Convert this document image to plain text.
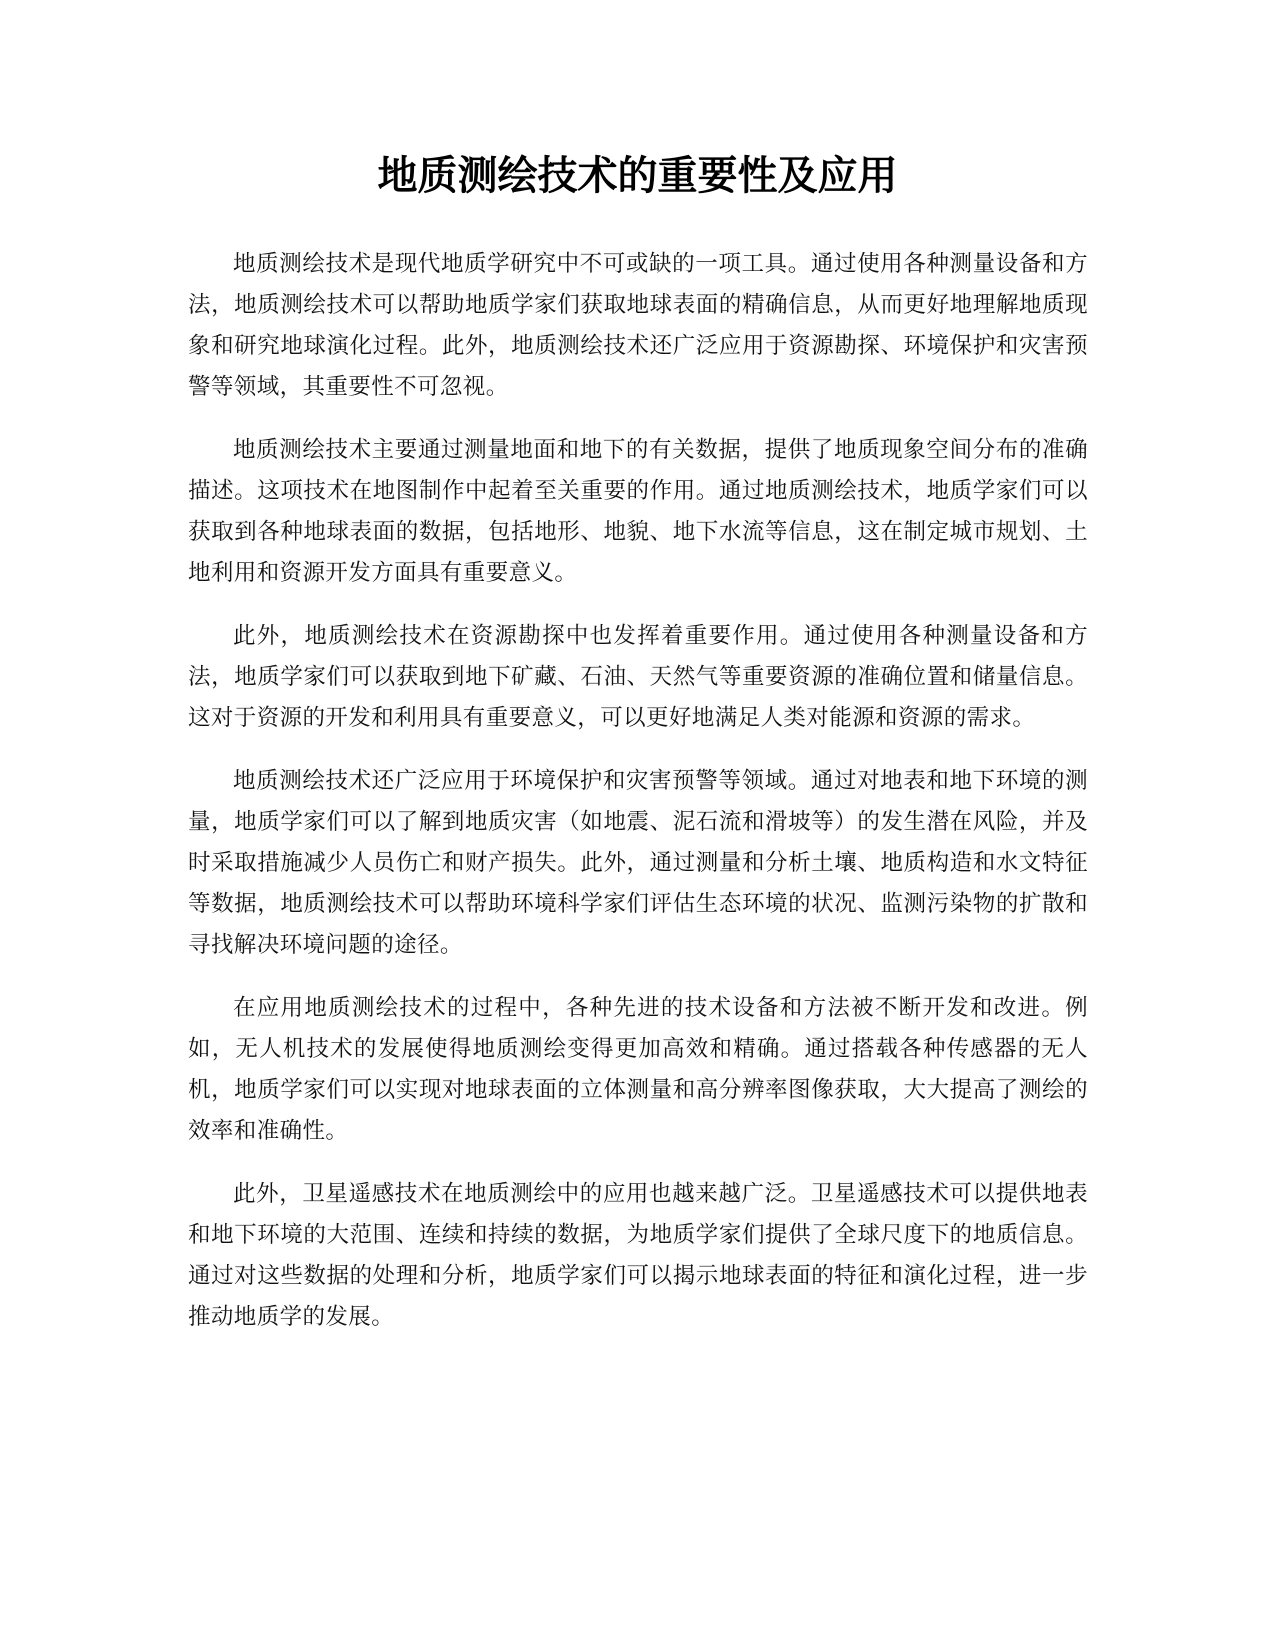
地质测绘技术的重要性及应用

地质测绘技术是现代地质学研究中不可或缺的一项工具。通过使用各种测量设备和方法，地质测绘技术可以帮助地质学家们获取地球表面的精确信息，从而更好地理解地质现象和研究地球演化过程。此外，地质测绘技术还广泛应用于资源勘探、环境保护和灾害预警等领域，其重要性不可忽视。

地质测绘技术主要通过测量地面和地下的有关数据，提供了地质现象空间分布的准确描述。这项技术在地图制作中起着至关重要的作用。通过地质测绘技术，地质学家们可以获取到各种地球表面的数据，包括地形、地貌、地下水流等信息，这在制定城市规划、土地利用和资源开发方面具有重要意义。

此外，地质测绘技术在资源勘探中也发挥着重要作用。通过使用各种测量设备和方法，地质学家们可以获取到地下矿藏、石油、天然气等重要资源的准确位置和储量信息。这对于资源的开发和利用具有重要意义，可以更好地满足人类对能源和资源的需求。

地质测绘技术还广泛应用于环境保护和灾害预警等领域。通过对地表和地下环境的测量，地质学家们可以了解到地质灾害（如地震、泥石流和滑坡等）的发生潜在风险，并及时采取措施减少人员伤亡和财产损失。此外，通过测量和分析土壤、地质构造和水文特征等数据，地质测绘技术可以帮助环境科学家们评估生态环境的状况、监测污染物的扩散和寻找解决环境问题的途径。

在应用地质测绘技术的过程中，各种先进的技术设备和方法被不断开发和改进。例如，无人机技术的发展使得地质测绘变得更加高效和精确。通过搭载各种传感器的无人机，地质学家们可以实现对地球表面的立体测量和高分辨率图像获取，大大提高了测绘的效率和准确性。

此外，卫星遥感技术在地质测绘中的应用也越来越广泛。卫星遥感技术可以提供地表和地下环境的大范围、连续和持续的数据，为地质学家们提供了全球尺度下的地质信息。通过对这些数据的处理和分析，地质学家们可以揭示地球表面的特征和演化过程，进一步推动地质学的发展。
